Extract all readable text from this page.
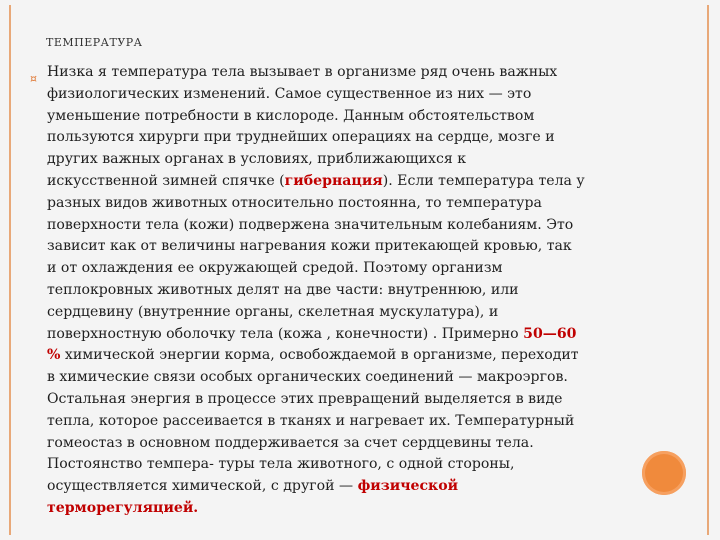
ТЕМПЕРАТУРА
¤ Низка я температура тела вызывает в организме ряд очень важных
физиологических изменений. Самое существенное из них — это
уменьшение потребности в кислороде. Данным обстоятельством
пользуются хирурги при труднейших операциях на сердце, мозге и
других важных органах в условиях, приближающихся к
искусственной зимней спячке (гибернация). Если температура тела у
разных видов животных относительно постоянна, то температура
поверхности тела (кожи) подвержена значительным колебаниям. Это
зависит как от величины нагревания кожи притекающей кровью, так
и от охлаждения ее окружающей средой. Поэтому организм
теплокровных животных делят на две части: внутреннюю, или
сердцевину (внутренние органы, скелетная мускулатура), и
поверхностную оболочку тела (кожа , конечности) . Примерно 50—60
% химической энергии корма, освобождаемой в организме, переходит
в химические связи особых органических соединений — макроэргов.
Остальная энергия в процессе этих превращений выделяется в виде
тепла, которое рассеивается в тканях и нагревает их. Температурный
гомеостаз в основном поддерживается за счет сердцевины тела.
Постоянство темпера- туры тела животного, с одной стороны,
осуществляется химической, с другой — физической
терморегуляцией.
